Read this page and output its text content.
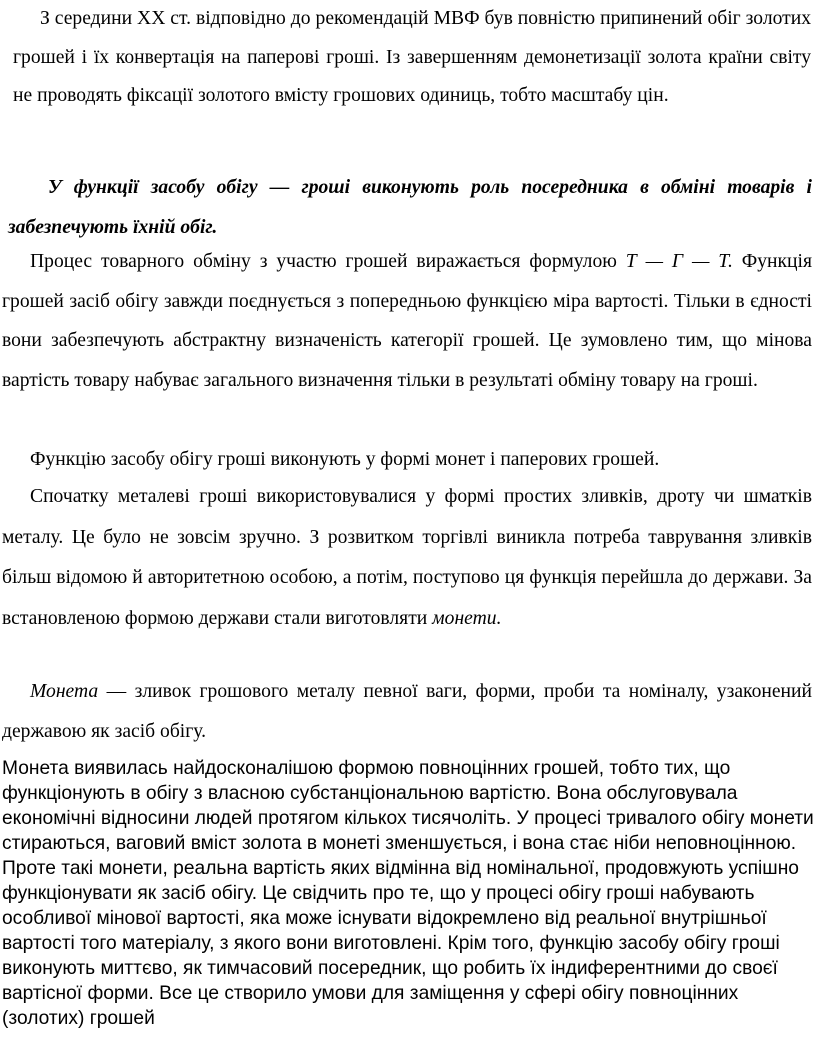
З середини XX ст. відповідно до рекомендацій МВФ був повністю припинений обіг золотих грошей і їх конвертація на паперові гроші. Із завершенням демонетизації золота країни світу не проводять фіксації золотого вмісту грошових одиниць, тобто масштабу цін.

У функції засобу обігу — гроші виконують роль посередника в обміні товарів і забезпечують їхній обіг.

Процес товарного обміну з участю грошей виражається формулою Т — Г — Т. Функція грошей засіб обігу завжди поєднується з попередньою функцією міра вартості. Тільки в єдності вони забезпечують абстрактну визначеність категорії грошей. Це зумовлено тим, що мінова вартість товару набуває загального визначення тільки в результаті обміну товару на гроші.

Функцію засобу обігу гроші виконують у формі монет і паперових грошей.

Спочатку металеві гроші використовувалися у формі простих зливків, дроту чи шматків металу. Це було не зовсім зручно. З розвитком торгівлі виникла потреба таврування зливків більш відомою й авторитетною особою, а потім, поступово ця функція перейшла до держави. За встановленою формою держави стали виготовляти монети.

Монета — зливок грошового металу певної ваги, форми, проби та номіналу, узаконений державою як засіб обігу.

Монета виявилась найдосконалішою формою повноцінних грошей, тобто тих, що функціонують в обігу з власною субстанціональною вартістю. Вона обслуговувала економічні відносини людей протягом кількох тисячоліть. У процесі тривалого обігу монети стираються, ваговий вміст золота в монеті зменшується, і вона стає ніби неповноцінною. Проте такі монети, реальна вартість яких відмінна від номінальної, продовжують успішно функціонувати як засіб обігу. Це свідчить про те, що у процесі обігу гроші набувають особливої мінової вартості, яка може існувати відокремлено від реальної внутрішньої вартості того матеріалу, з якого вони виготовлені. Крім того, функцію засобу обігу гроші виконують миттєво, як тимчасовий посередник, що робить їх індиферентними до своєї вартісної форми. Все це створило умови для заміщення у сфері обігу повноцінних (золотих) грошей
